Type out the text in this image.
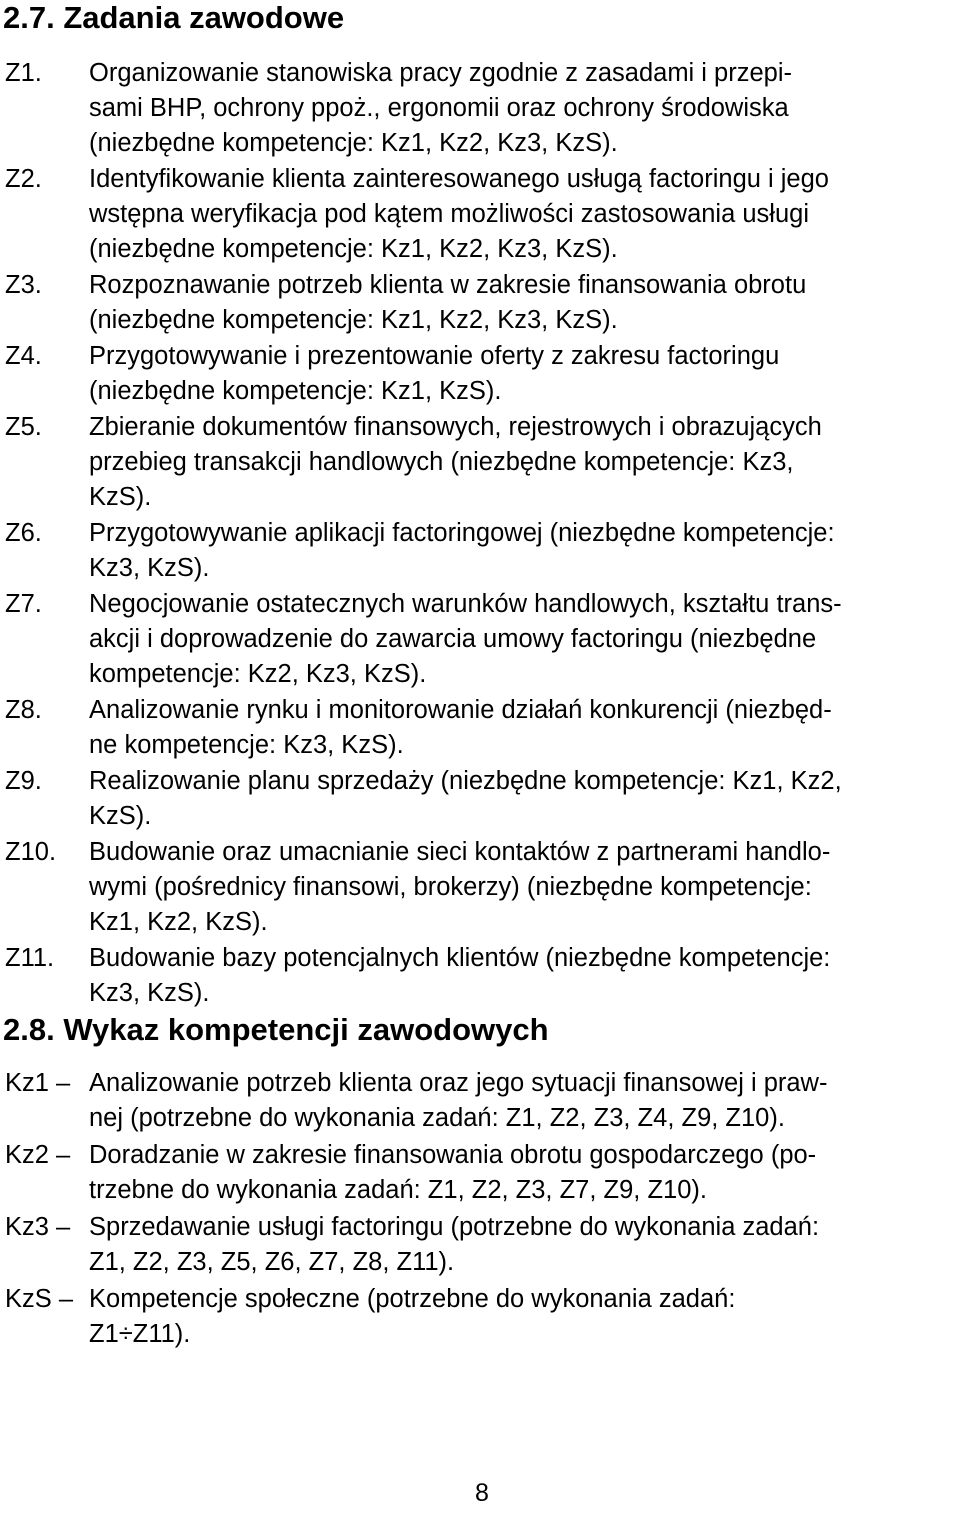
2.7. Zadania zawodowe
Z1.	Organizowanie stanowiska pracy zgodnie z zasadami i przepi-
sami BHP, ochrony ppoż., ergonomii oraz ochrony środowiska
(niezbędne kompetencje: Kz1, Kz2, Kz3, KzS).
Z2.	Identyfikowanie klienta zainteresowanego usługą factoringu i jego
wstępna weryfikacja pod kątem możliwości zastosowania usługi
(niezbędne kompetencje: Kz1, Kz2, Kz3, KzS).
Z3.	Rozpoznawanie potrzeb klienta w zakresie finansowania obrotu
(niezbędne kompetencje: Kz1, Kz2, Kz3, KzS).
Z4.	Przygotowywanie i prezentowanie oferty z zakresu factoringu
(niezbędne kompetencje: Kz1, KzS).
Z5.	Zbieranie dokumentów finansowych, rejestrowych i obrazujących
przebieg transakcji handlowych (niezbędne kompetencje: Kz3,
KzS).
Z6.	Przygotowywanie aplikacji factoringowej (niezbędne kompetencje:
Kz3, KzS).
Z7.	Negocjowanie ostatecznych warunków handlowych, kształtu trans-
akcji i doprowadzenie do zawarcia umowy factoringu (niezbędne
kompetencje: Kz2, Kz3, KzS).
Z8.	Analizowanie rynku i monitorowanie działań konkurencji (niezbęd-
ne kompetencje: Kz3, KzS).
Z9.	Realizowanie planu sprzedaży (niezbędne kompetencje: Kz1, Kz2,
KzS).
Z10.	Budowanie oraz umacnianie sieci kontaktów z partnerami handlo-
wymi (pośrednicy finansowi, brokerzy) (niezbędne kompetencje:
Kz1, Kz2, KzS).
Z11.	Budowanie bazy potencjalnych klientów (niezbędne kompetencje:
Kz3, KzS).
2.8. Wykaz kompetencji zawodowych
Kz1 – Analizowanie potrzeb klienta oraz jego sytuacji finansowej i praw-
nej (potrzebne do wykonania zadań: Z1, Z2, Z3, Z4, Z9, Z10).
Kz2 – Doradzanie w zakresie finansowania obrotu gospodarczego (po-
trzebne do wykonania zadań: Z1, Z2, Z3, Z7, Z9, Z10).
Kz3 – Sprzedawanie usługi factoringu (potrzebne do wykonania zadań:
Z1, Z2, Z3, Z5, Z6, Z7, Z8, Z11).
KzS – Kompetencje społeczne (potrzebne do wykonania zadań:
Z1÷Z11).
8
